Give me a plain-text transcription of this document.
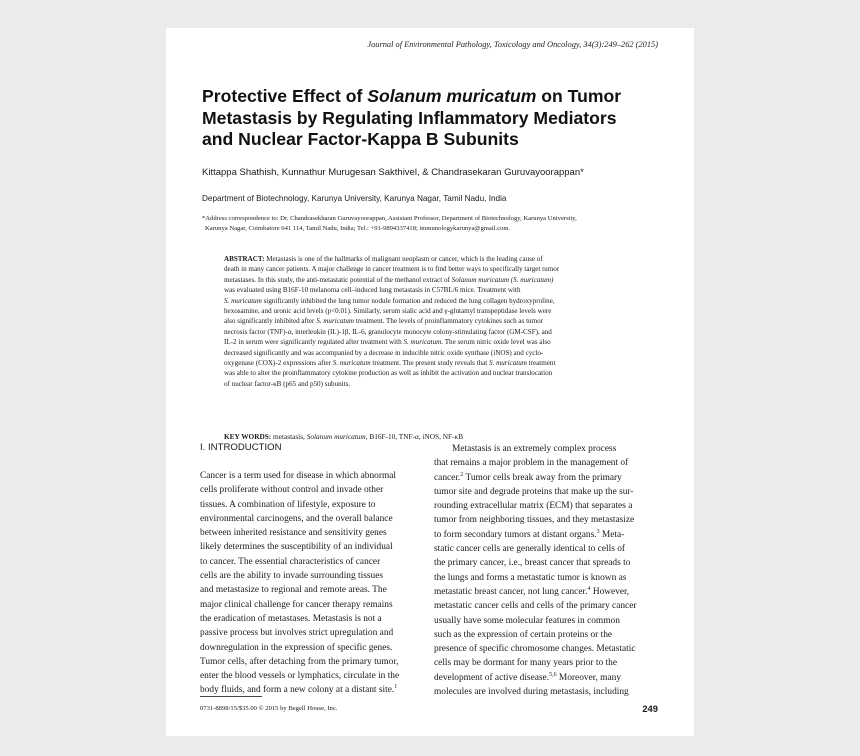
Journal of Environmental Pathology, Toxicology and Oncology, 34(3):249–262 (2015)
Protective Effect of Solanum muricatum on Tumor
Metastasis by Regulating Inflammatory Mediators
and Nuclear Factor-Kappa B Subunits
Kittappa Shathish, Kunnathur Murugesan Sakthivel, & Chandrasekaran Guruvayoorappan*
Department of Biotechnology, Karunya University, Karunya Nagar, Tamil Nadu, India
*Address correspondence to: Dr. Chandrasekharan Guruvayoorappan, Assistant Professor, Department of Biotechnology, Karunya University,
Karunya Nagar, Coimbatore 641 114, Tamil Nadu, India; Tel.: +91-9894337418; immunologykarunya@gmail.com.
ABSTRACT: Metastasis is one of the hallmarks of malignant neoplasm or cancer, which is the leading cause of
death in many cancer patients. A major challenge in cancer treatment is to find better ways to specifically target tumor
metastases. In this study, the anti-metastatic potential of the methanol extract of Solanum muricatum (S. muricatum)
was evaluated using B16F-10 melanoma cell–induced lung metastasis in C57BL/6 mice. Treatment with
S. muricatum significantly inhibited the lung tumor nodule formation and reduced the lung collagen hydroxyproline,
hexosamine, and uronic acid levels (p<0.01). Similarly, serum sialic acid and γ-glutamyl transpeptidase levels were
also significantly inhibited after S. muricatum treatment. The levels of proinflammatory cytokines such as tumor
necrosis factor (TNF)-α, interleukin (IL)-1β, IL-6, granulocyte monocyte colony-stimulating factor (GM-CSF), and
IL-2 in serum were significantly regulated after treatment with S. muricatum. The serum nitric oxide level was also
decreased significantly and was accompanied by a decrease in inducible nitric oxide synthase (iNOS) and cyclo-
oxygenase (COX)-2 expressions after S. muricatum treatment. The present study reveals that S. muricatum treatment
was able to alter the proinflammatory cytokine production as well as inhibit the activation and nuclear translocation
of nuclear factor-κB (p65 and p50) subunits.
KEY WORDS: metastasis, Solanum muricatum, B16F-10, TNF-α, iNOS, NF-κB
I. INTRODUCTION
Cancer is a term used for disease in which abnormal
cells proliferate without control and invade other
tissues. A combination of lifestyle, exposure to
environmental carcinogens, and the overall balance
between inherited resistance and sensitivity genes
likely determines the susceptibility of an individual
to cancer. The essential characteristics of cancer
cells are the ability to invade surrounding tissues
and metastasize to regional and remote areas. The
major clinical challenge for cancer therapy remains
the eradication of metastases. Metastasis is not a
passive process but involves strict upregulation and
downregulation in the expression of specific genes.
Tumor cells, after detaching from the primary tumor,
enter the blood vessels or lymphatics, circulate in the
body fluids, and form a new colony at a distant site.$^1$
Metastasis is an extremely complex process
that remains a major problem in the management of
cancer.$^2$ Tumor cells break away from the primary
tumor site and degrade proteins that make up the sur-
rounding extracellular matrix (ECM) that separates a
tumor from neighboring tissues, and they metastasize
to form secondary tumors at distant organs.$^3$ Meta-
static cancer cells are generally identical to cells of
the primary cancer, i.e., breast cancer that spreads to
the lungs and forms a metastatic tumor is known as
metastatic breast cancer, not lung cancer.$^4$ However,
metastatic cancer cells and cells of the primary cancer
usually have some molecular features in common
such as the expression of certain proteins or the
presence of specific chromosome changes. Metastatic
cells may be dormant for many years prior to the
development of active disease.$^{5,6}$ Moreover, many
molecules are involved during metastasis, including
0731-8898/15/$35.00 © 2015 by Begell House, Inc.	249
